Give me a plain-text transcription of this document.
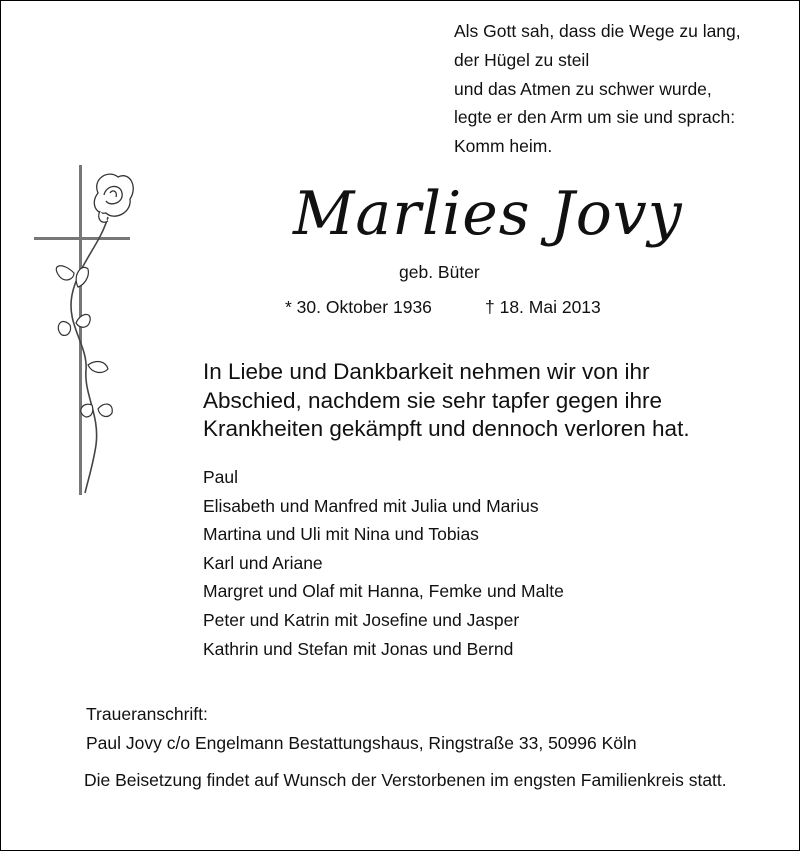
Als Gott sah, dass die Wege zu lang,
der Hügel zu steil
und das Atmen zu schwer wurde,
legte er den Arm um sie und sprach:
Komm heim.
Marlies Jovy
geb. Büter
* 30. Oktober 1936	† 18. Mai 2013
In Liebe und Dankbarkeit nehmen wir von ihr
Abschied, nachdem sie sehr tapfer gegen ihre
Krankheiten gekämpft und dennoch verloren hat.
Paul
Elisabeth und Manfred mit Julia und Marius
Martina und Uli mit Nina und Tobias
Karl und Ariane
Margret und Olaf mit Hanna, Femke und Malte
Peter und Katrin mit Josefine und Jasper
Kathrin und Stefan mit Jonas und Bernd
Traueranschrift:
Paul Jovy c/o Engelmann Bestattungshaus, Ringstraße 33, 50996 Köln
Die Beisetzung findet auf Wunsch der Verstorbenen im engsten Familienkreis statt.
